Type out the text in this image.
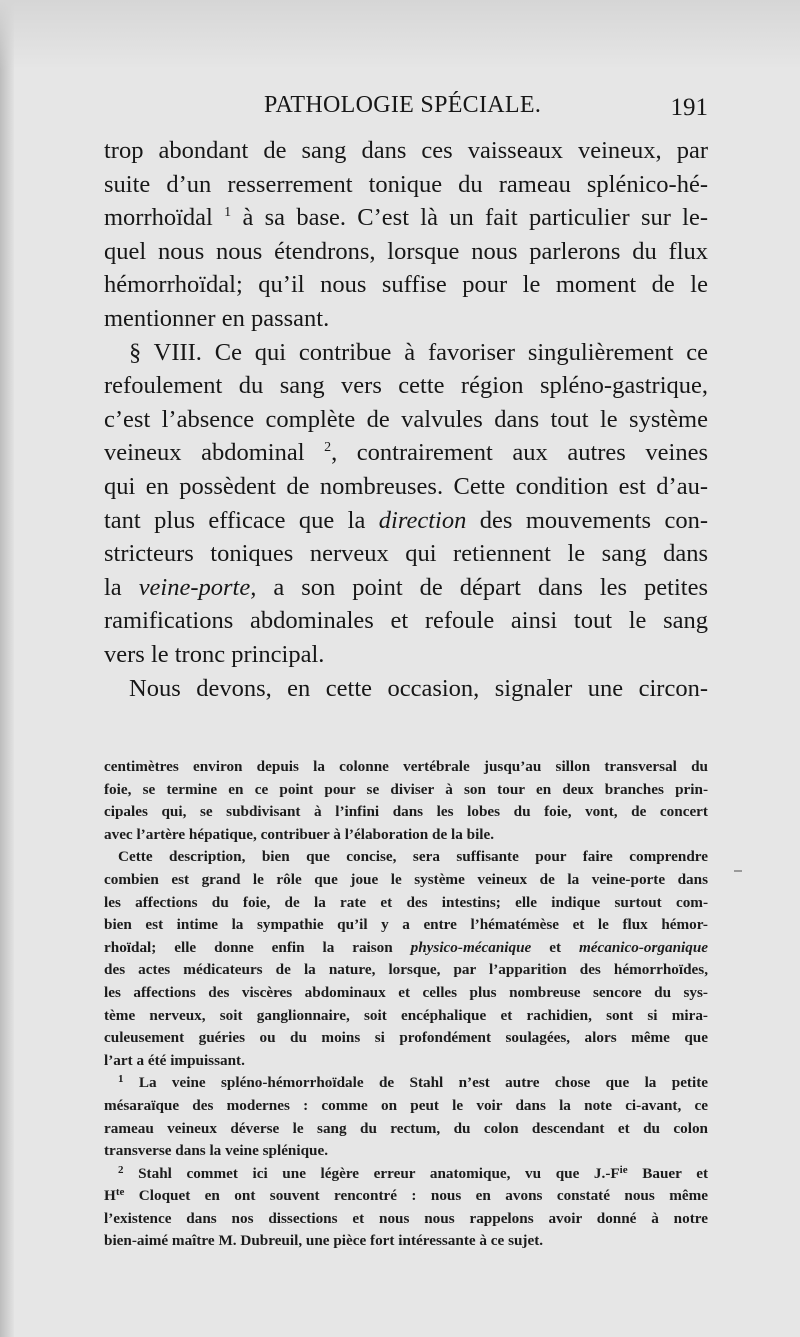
PATHOLOGIE SPÉCIALE.	191

trop abondant de sang dans ces vaisseaux veineux, par
suite d’un resserrement tonique du rameau splénico-hé-
morrhoïdal $^1$ à sa base. C’est là un fait particulier sur le-
quel nous nous étendrons, lorsque nous parlerons du flux
hémorrhoïdal; qu’il nous suffise pour le moment de le
mentionner en passant.

§ VIII. Ce qui contribue à favoriser singulièrement ce
refoulement du sang vers cette région spléno-gastrique,
c’est l’absence complète de valvules dans tout le système
veineux abdominal $^2$, contrairement aux autres veines
qui en possèdent de nombreuses. Cette condition est d’au-
tant plus efficace que la direction des mouvements con-
stricteurs toniques nerveux qui retiennent le sang dans
la veine-porte, a son point de départ dans les petites
ramifications abdominales et refoule ainsi tout le sang
vers le tronc principal.

Nous devons, en cette occasion, signaler une circon-

centimètres environ depuis la colonne vertébrale jusqu’au sillon transversal du
foie, se termine en ce point pour se diviser à son tour en deux branches prin-
cipales qui, se subdivisant à l’infini dans les lobes du foie, vont, de concert
avec l’artère hépatique, contribuer à l’élaboration de la bile.

Cette description, bien que concise, sera suffisante pour faire comprendre
combien est grand le rôle que joue le système veineux de la veine-porte dans
les affections du foie, de la rate et des intestins; elle indique surtout com-
bien est intime la sympathie qu’il y a entre l’hématémèse et le flux hémor-
rhoïdal; elle donne enfin la raison physico-mécanique et mécanico-organique
des actes médicateurs de la nature, lorsque, par l’apparition des hémorrhoïdes,
les affections des viscères abdominaux et celles plus nombreuse sencore du sys-
tème nerveux, soit ganglionnaire, soit encéphalique et rachidien, sont si mira-
culeusement guéries ou du moins si profondément soulagées, alors même que
l’art a été impuissant.

$^1$ La veine spléno-hémorrhoïdale de Stahl n’est autre chose que la petite
mésaraïque des modernes : comme on peut le voir dans la note ci-avant, ce
rameau veineux déverse le sang du rectum, du colon descendant et du colon
transverse dans la veine splénique.

$^2$ Stahl commet ici une légère erreur anatomique, vu que J.-F$^{ie}$ Bauer et
H$^{te}$ Cloquet en ont souvent rencontré : nous en avons constaté nous même
l’existence dans nos dissections et nous nous rappelons avoir donné à notre
bien-aimé maître M. Dubreuil, une pièce fort intéressante à ce sujet.
